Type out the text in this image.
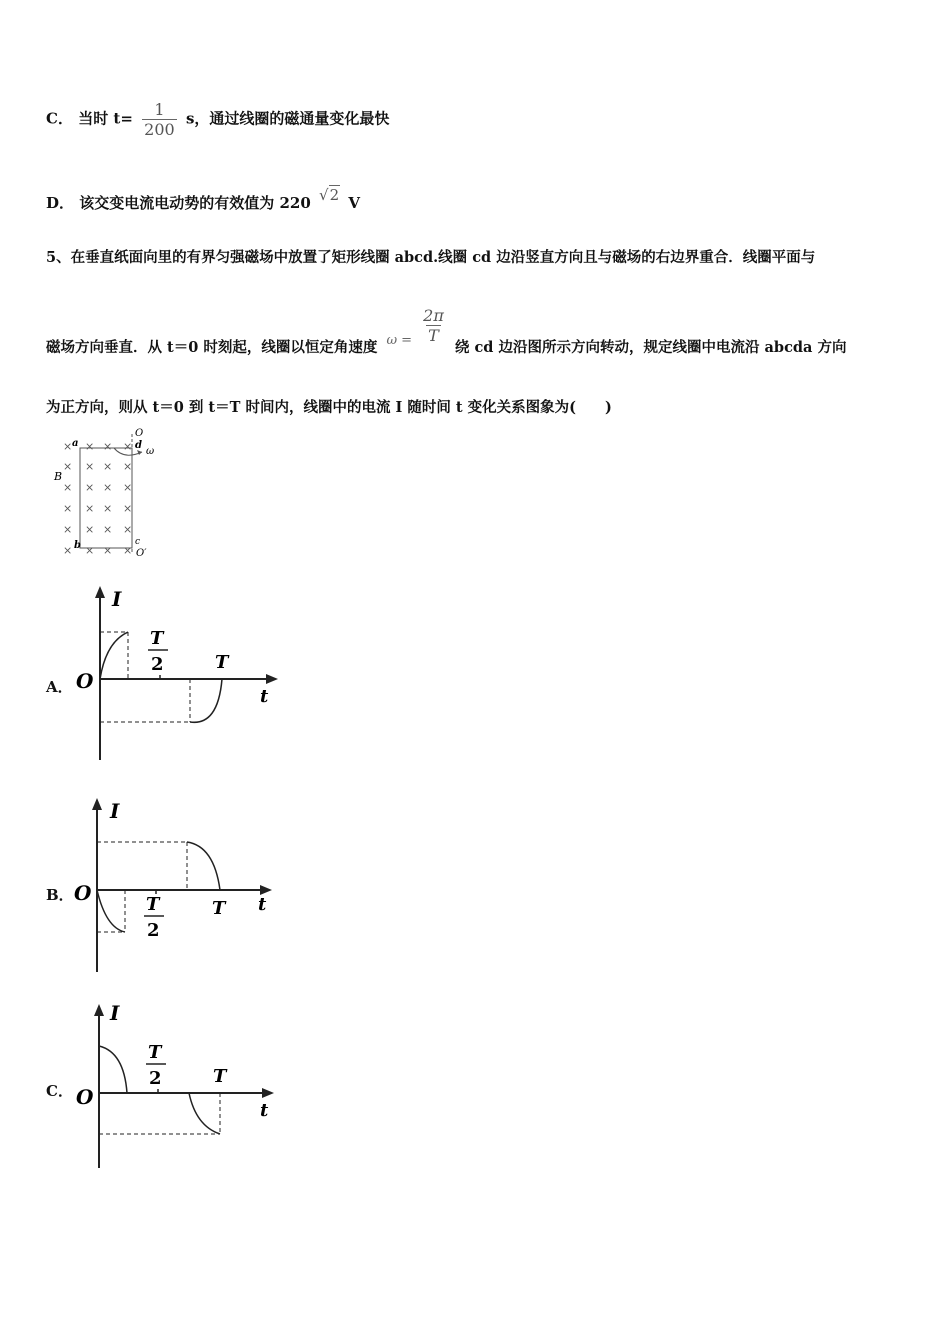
C． 当时 $t= \frac{1}{200}$ s，通过线圈的磁通量变化最快
D． 该交变电流电动势的有效值为 220 √2 V
5、在垂直纸面向里的有界匀强磁场中放置了矩形线圈 abcd.线圈 cd 边沿竖直方向且与磁场的右边界重合．线圈平面与
磁场方向垂直．从 t＝0 时刻起，线圈以恒定角速度 $\omega = \frac{2\pi}{T}$
绕 cd 边沿图所示方向转动，规定线圈中电流沿 abcda 方向
为正方向，则从 t＝0 到 t＝T 时间内，线圈中的电流 I 随时间 t 变化关系图象为(　　)
× × × ×
× × × ×
× × × ×
× × × ×
× × × ×
× × × ×
a
b	c
d
O
O′
B
ω
A．
I
t
O
T
2	T
B．
I
t
O	T
2
T
C．
I
t
O
T
2	T
